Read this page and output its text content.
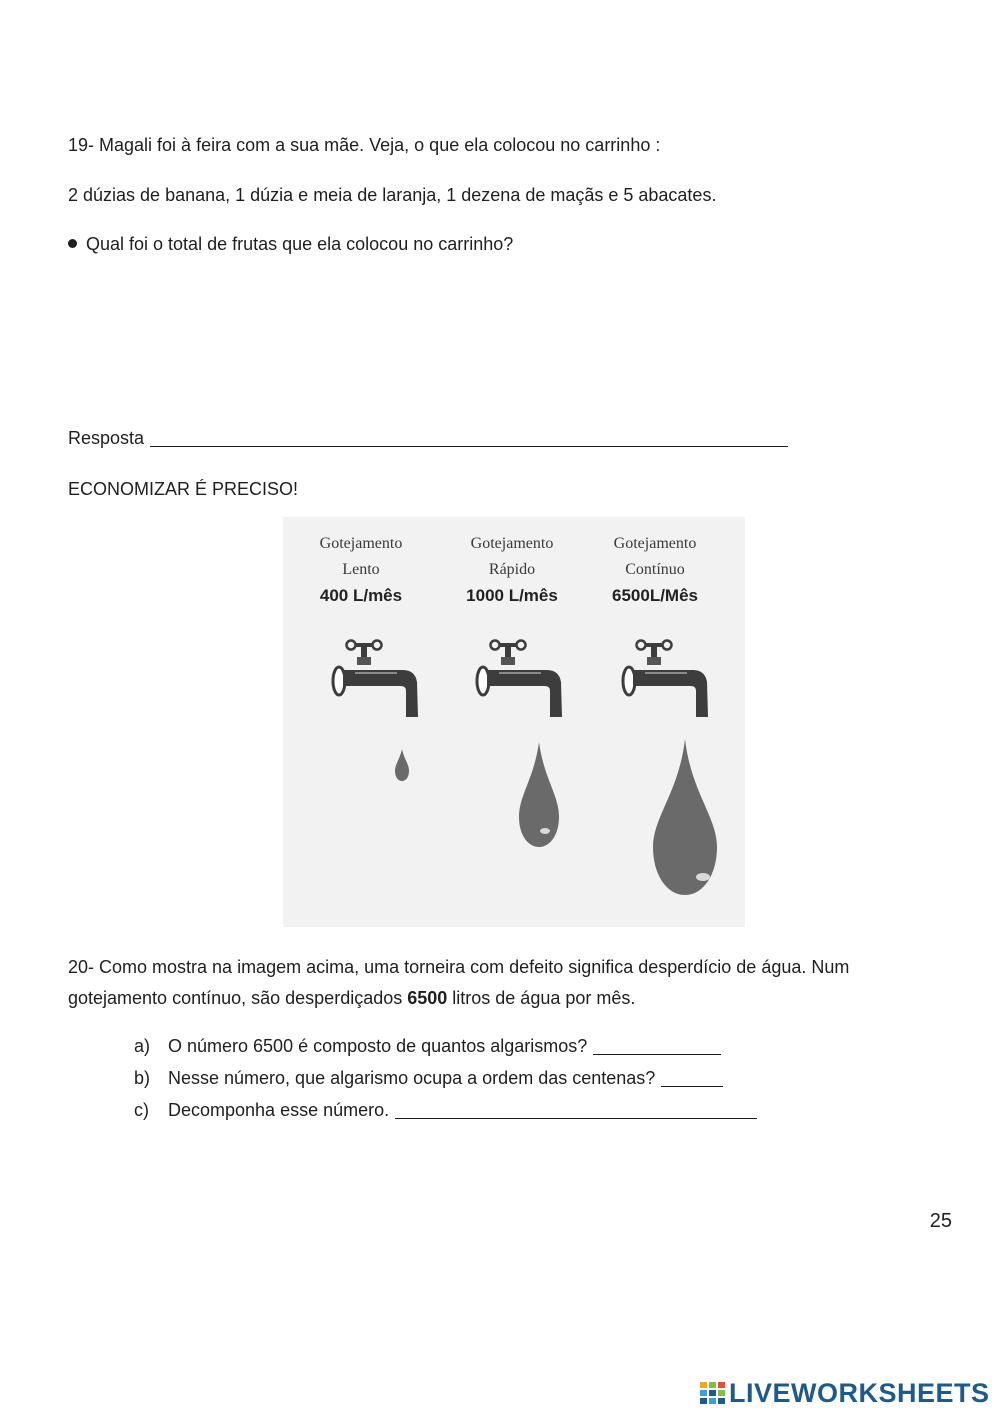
19- Magali foi à feira com a sua mãe. Veja, o que ela colocou no carrinho :

2 dúzias de banana, 1 dúzia e meia de laranja, 1 dezena de maçãs e 5 abacates.

Qual foi o total de frutas que ela colocou no carrinho?

Resposta

ECONOMIZAR É PRECISO!

Gotejamento
Lento
400 L/mês
Gotejamento
Rápido
1000 L/mês
Gotejamento
Contínuo
6500L/Mês

20- Como mostra na imagem acima, uma torneira com defeito significa desperdício de água. Num gotejamento contínuo, são desperdiçados 6500 litros de água por mês.

a) O número 6500 é composto de quantos algarismos?

b) Nesse número, que algarismo ocupa a ordem das centenas?

c) Decomponha esse número.

25
LIVEWORKSHEETS
